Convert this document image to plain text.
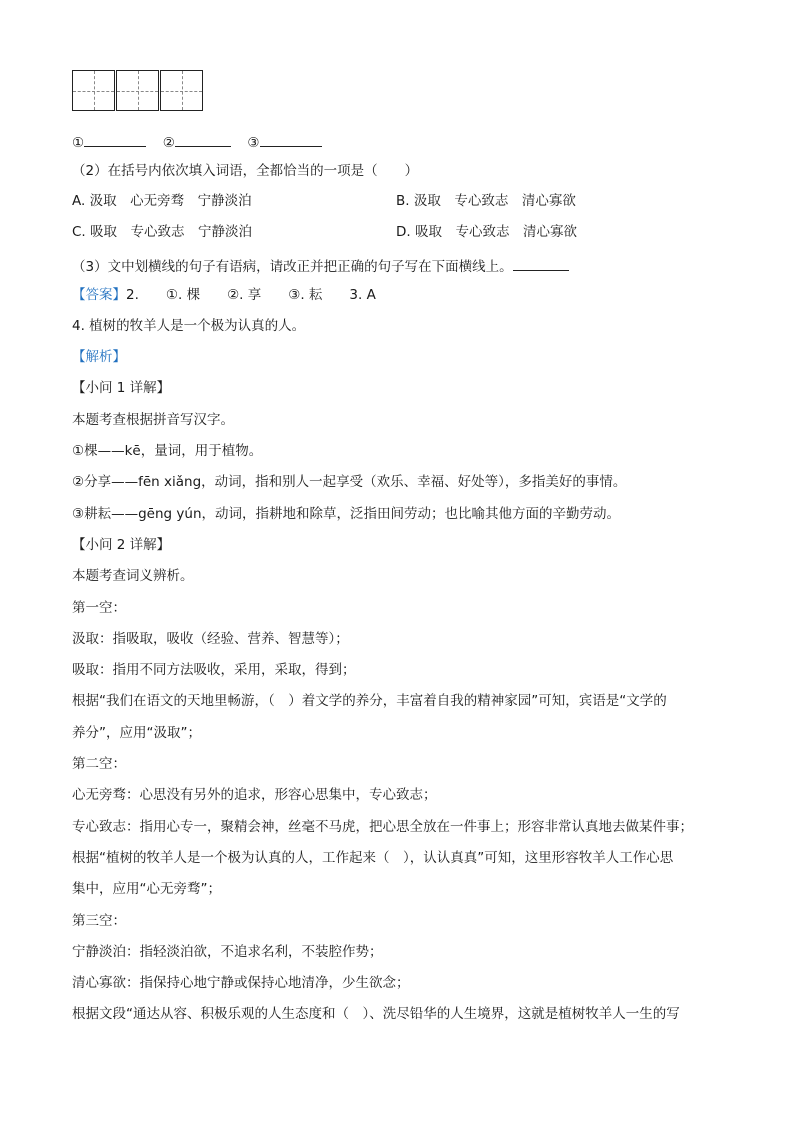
①	②	③
（2）在括号内依次填入词语，全都恰当的一项是（　　）
A. 汲取　心无旁骛　宁静淡泊	B. 汲取　专心致志　清心寡欲
C. 吸取　专心致志　宁静淡泊	D. 吸取　专心致志　清心寡欲
（3）文中划横线的句子有语病，请改正并把正确的句子写在下面横线上。
【答案】2.　　①. 棵　　②. 享　　③. 耘　　3. A
4. 植树的牧羊人是一个极为认真的人。
【解析】
【小问 1 详解】
本题考查根据拼音写汉字。
①棵——kē，量词，用于植物。
②分享——fēn xiǎng，动词，指和别人一起享受（欢乐、幸福、好处等），多指美好的事情。
③耕耘——gēng yún，动词，指耕地和除草，泛指田间劳动；也比喻其他方面的辛勤劳动。
【小问 2 详解】
本题考查词义辨析。
第一空：
汲取：指吸取，吸收（经验、营养、智慧等）；
吸取：指用不同方法吸收，采用，采取，得到；
根据“我们在语文的天地里畅游，（　）着文学的养分，丰富着自我的精神家园”可知，宾语是“文学的
养分”，应用“汲取”；
第二空：
心无旁骛：心思没有另外的追求，形容心思集中，专心致志；
专心致志：指用心专一，聚精会神，丝毫不马虎，把心思全放在一件事上；形容非常认真地去做某件事；
根据“植树的牧羊人是一个极为认真的人，工作起来（　），认认真真”可知，这里形容牧羊人工作心思
集中，应用“心无旁骛”；
第三空：
宁静淡泊：指轻淡泊欲，不追求名利，不装腔作势；
清心寡欲：指保持心地宁静或保持心地清净，少生欲念；
根据文段“通达从容、积极乐观的人生态度和（　）、洗尽铅华的人生境界，这就是植树牧羊人一生的写
